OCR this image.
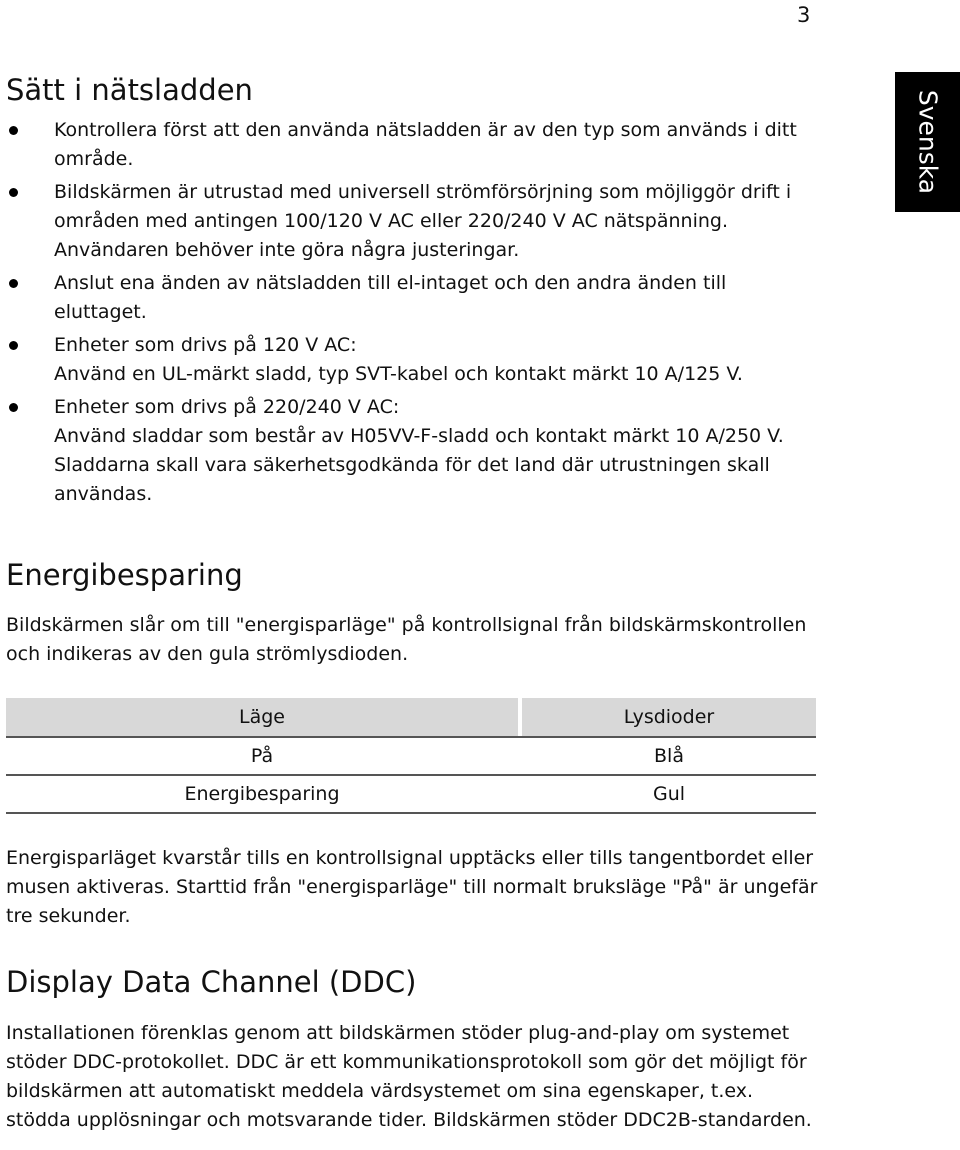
3
Svenska
Sätt i nätsladden

Kontrollera först att den använda nätsladden är av den typ som används i ditt område.

Bildskärmen är utrustad med universell strömförsörjning som möjliggör drift i områden med antingen 100/120 V AC eller 220/240 V AC nätspänning. Användaren behöver inte göra några justeringar.

Anslut ena änden av nätsladden till el-intaget och den andra änden till eluttaget.

Enheter som drivs på 120 V AC:

Använd en UL-märkt sladd, typ SVT-kabel och kontakt märkt 10 A/125 V.

Enheter som drivs på 220/240 V AC:

Använd sladdar som består av H05VV-F-sladd och kontakt märkt 10 A/250 V. Sladdarna skall vara säkerhetsgodkända för det land där utrustningen skall användas.

Energibesparing

Bildskärmen slår om till "energisparläge" på kontrollsignal från bildskärmskontrollen och indikeras av den gula strömlysdioden.

Läge		Lysdioder
På		Blå
Energibesparing		Gul

Energisparläget kvarstår tills en kontrollsignal upptäcks eller tills tangentbordet eller musen aktiveras. Starttid från "energisparläge" till normalt bruksläge "På" är ungefär tre sekunder.

Display Data Channel (DDC)

Installationen förenklas genom att bildskärmen stöder plug-and-play om systemet stöder DDC-protokollet. DDC är ett kommunikationsprotokoll som gör det möjligt för bildskärmen att automatiskt meddela värdsystemet om sina egenskaper, t.ex. stödda upplösningar och motsvarande tider. Bildskärmen stöder DDC2B-standarden.
